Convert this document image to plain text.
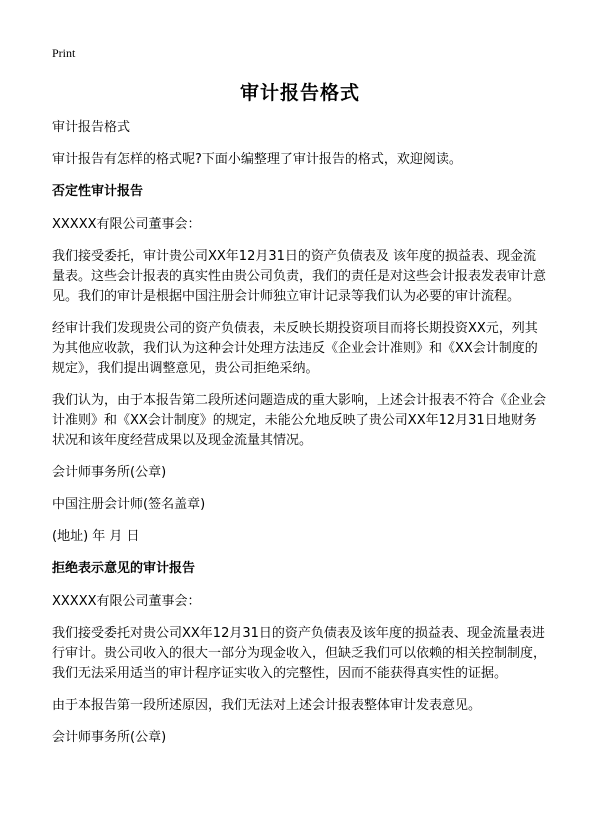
Print
审计报告格式

审计报告格式

审计报告有怎样的格式呢?下面小编整理了审计报告的格式，欢迎阅读。

否定性审计报告

XXXXX有限公司董事会：

我们接受委托，审计贵公司XX年12月31日的资产负债表及 该年度的损益表、现金流量表。这些会计报表的真实性由贵公司负责，我们的责任是对这些会计报表发表审计意见。我们的审计是根据中国注册会计师独立审计记录等我们认为必要的审计流程。

经审计我们发现贵公司的资产负债表，未反映长期投资项目而将长期投资XX元，列其为其他应收款，我们认为这种会计处理方法违反《企业会计准则》和《XX会计制度的规定》，我们提出调整意见，贵公司拒绝采纳。

我们认为，由于本报告第二段所述问题造成的重大影响，上述会计报表不符合《企业会计准则》和《XX会计制度》的规定，未能公允地反映了贵公司XX年12月31日地财务状况和该年度经营成果以及现金流量其情况。

会计师事务所(公章)

中国注册会计师(签名盖章)

(地址) 年 月 日

拒绝表示意见的审计报告

XXXXX有限公司董事会：

我们接受委托对贵公司XX年12月31日的资产负债表及该年度的损益表、现金流量表进行审计。贵公司收入的很大一部分为现金收入，但缺乏我们可以依赖的相关控制制度，我们无法采用适当的审计程序证实收入的完整性，因而不能获得真实性的证据。

由于本报告第一段所述原因，我们无法对上述会计报表整体审计发表意见。

会计师事务所(公章)
